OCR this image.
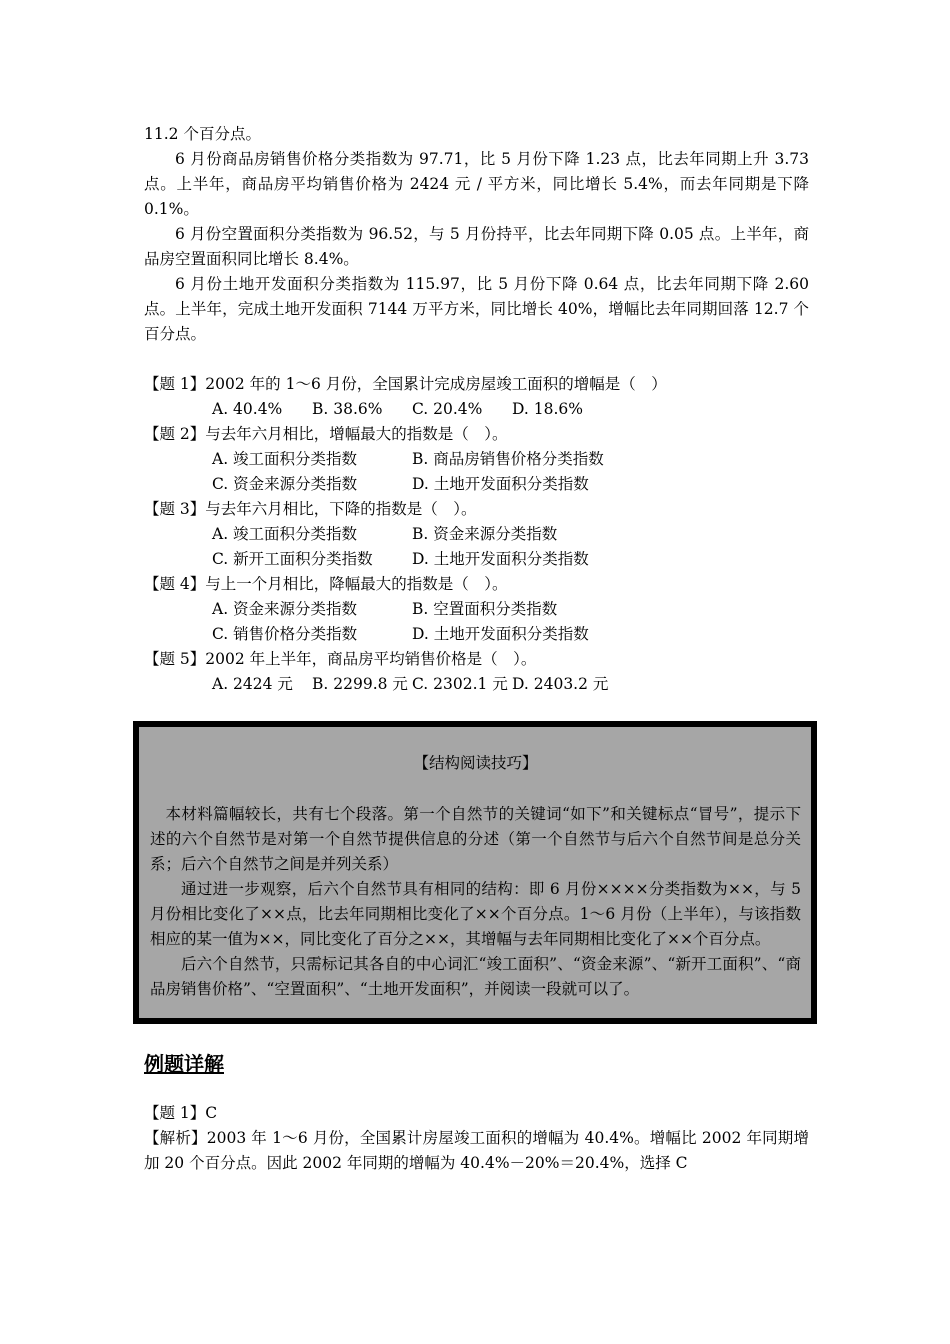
11.2 个百分点。

6 月份商品房销售价格分类指数为 97.71，比 5 月份下降 1.23 点，比去年同期上升 3.73 点。上半年，商品房平均销售价格为 2424 元 / 平方米，同比增长 5.4%，而去年同期是下降 0.1%。

6 月份空置面积分类指数为 96.52，与 5 月份持平，比去年同期下降 0.05 点。上半年，商品房空置面积同比增长 8.4%。

6 月份土地开发面积分类指数为 115.97，比 5 月份下降 0.64 点，比去年同期下降 2.60 点。上半年，完成土地开发面积 7144 万平方米，同比增长 40%，增幅比去年同期回落 12.7 个百分点。

【题 1】2002 年的 1～6 月份，全国累计完成房屋竣工面积的增幅是（　）

A. 40.4% B. 38.6% C. 20.4% D. 18.6%

【题 2】与去年六月相比，增幅最大的指数是（　）。

A. 竣工面积分类指数	B. 商品房销售价格分类指数

C. 资金来源分类指数	D. 土地开发面积分类指数

【题 3】与去年六月相比，下降的指数是（　）。

A. 竣工面积分类指数	B. 资金来源分类指数

C. 新开工面积分类指数	D. 土地开发面积分类指数

【题 4】与上一个月相比，降幅最大的指数是（　）。

A. 资金来源分类指数	B. 空置面积分类指数

C. 销售价格分类指数	D. 土地开发面积分类指数

【题 5】2002 年上半年，商品房平均销售价格是（　）。

A. 2424 元 B. 2299.8 元 C. 2302.1 元 D. 2403.2 元

【结构阅读技巧】

本材料篇幅较长，共有七个段落。第一个自然节的关键词“如下”和关键标点“冒号”，提示下述的六个自然节是对第一个自然节提供信息的分述（第一个自然节与后六个自然节间是总分关系；后六个自然节之间是并列关系）

通过进一步观察，后六个自然节具有相同的结构：即 6 月份××××分类指数为××，与 5 月份相比变化了××点，比去年同期相比变化了××个百分点。1～6 月份（上半年），与该指数相应的某一值为××，同比变化了百分之××，其增幅与去年同期相比变化了××个百分点。

后六个自然节，只需标记其各自的中心词汇“竣工面积”、“资金来源”、“新开工面积”、“商品房销售价格”、“空置面积”、“土地开发面积”，并阅读一段就可以了。

例题详解

【题 1】C

【解析】2003 年 1～6 月份，全国累计房屋竣工面积的增幅为 40.4%。增幅比 2002 年同期增加 20 个百分点。因此 2002 年同期的增幅为 40.4%－20%＝20.4%，选择 C
